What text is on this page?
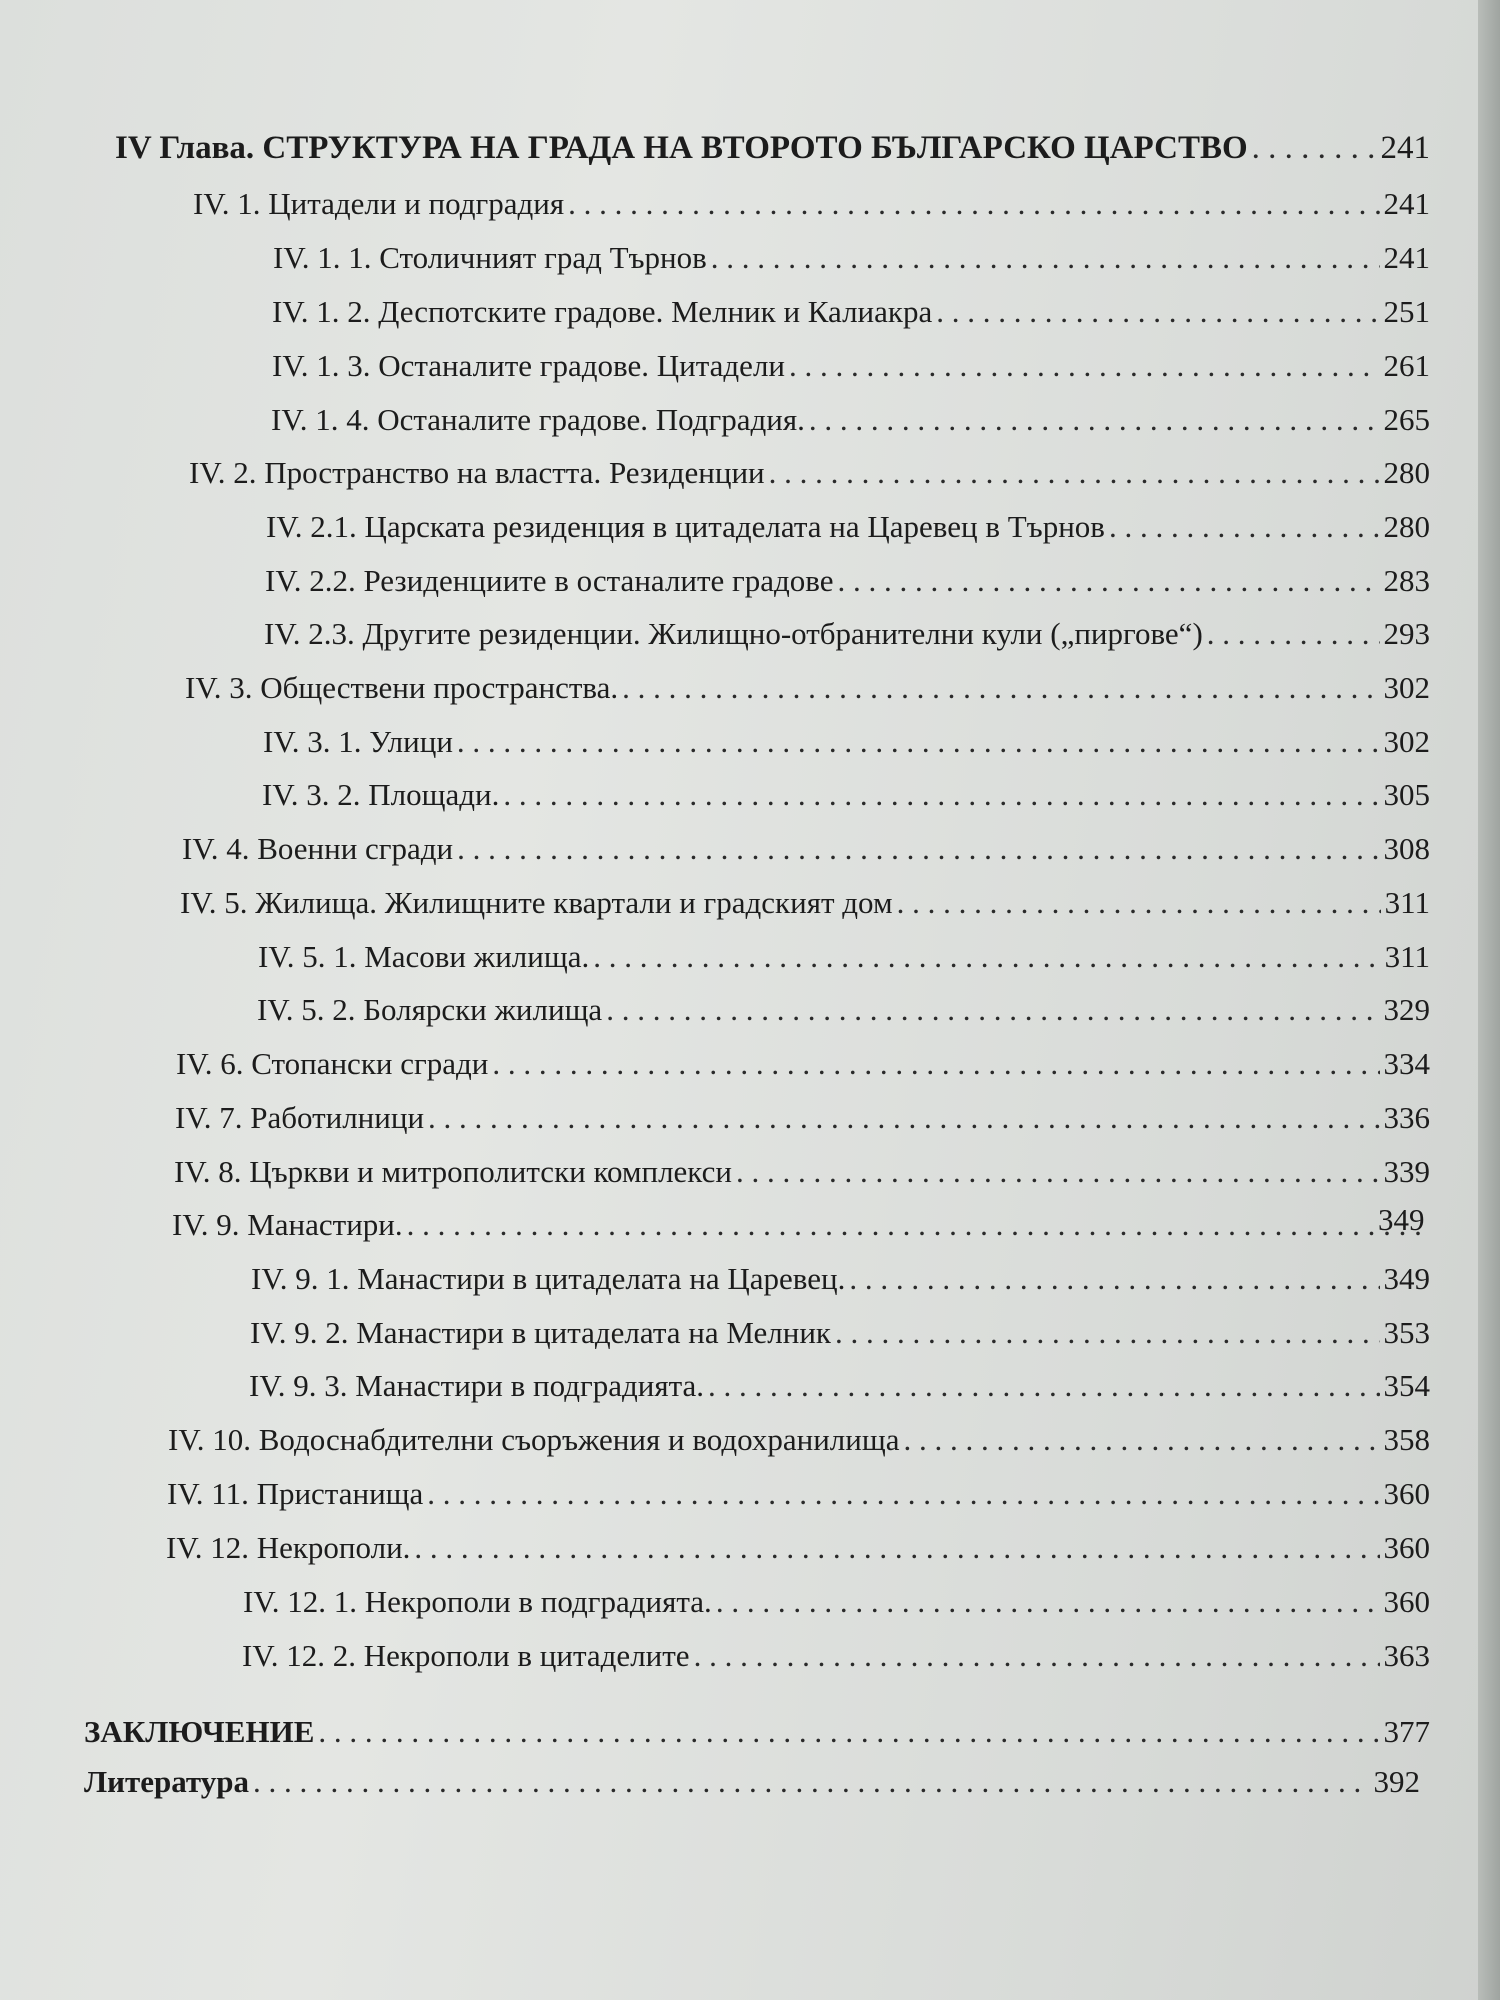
IV Глава. СТРУКТУРА НА ГРАДА НА ВТОРОТО БЪЛГАРСКО ЦАРСТВО . . .	241
IV. 1. Цитадели и подградия . . .	241
IV. 1. 1. Столичният град Търнов . . .	241
IV. 1. 2. Деспотските градове. Мелник и Калиакра . . .	251
IV. 1. 3. Останалите градове. Цитадели . . .	261
IV. 1. 4. Останалите градове. Подградия. . . .	265
IV. 2. Пространство на властта. Резиденции . . .	280
IV. 2.1. Царската резиденция в цитаделата на Царевец в Търнов . . .	280
IV. 2.2. Резиденциите в останалите градове . . .	283
IV. 2.3. Другите резиденции. Жилищно-отбранителни кули („пиргове“) . . .	293
IV. 3. Обществени пространства. . . .	302
IV. 3. 1. Улици . . .	302
IV. 3. 2. Площади. . . .	305
IV. 4. Военни сгради . . .	308
IV. 5. Жилища. Жилищните квартали и градският дом . . .	311
IV. 5. 1. Масови жилища. . . .	311
IV. 5. 2. Болярски жилища . . .	329
IV. 6. Стопански сгради . . .	334
IV. 7. Работилници . . .	336
IV. 8. Църкви и митрополитски комплекси . . .	339
IV. 9. Манастири. . . .	349
IV. 9. 1. Манастири в цитаделата на Царевец. . . .	349
IV. 9. 2. Манастири в цитаделата на Мелник . . .	353
IV. 9. 3. Манастири в подградията. . . .	354
IV. 10. Водоснабдителни съоръжения и водохранилища . . .	358
IV. 11. Пристанища . . .	360
IV. 12. Некрополи. . . .	360
IV. 12. 1. Некрополи в подградията. . . .	360
IV. 12. 2. Некрополи в цитаделите . . .	363
ЗАКЛЮЧЕНИЕ . . .	377
Литература . . .	392
